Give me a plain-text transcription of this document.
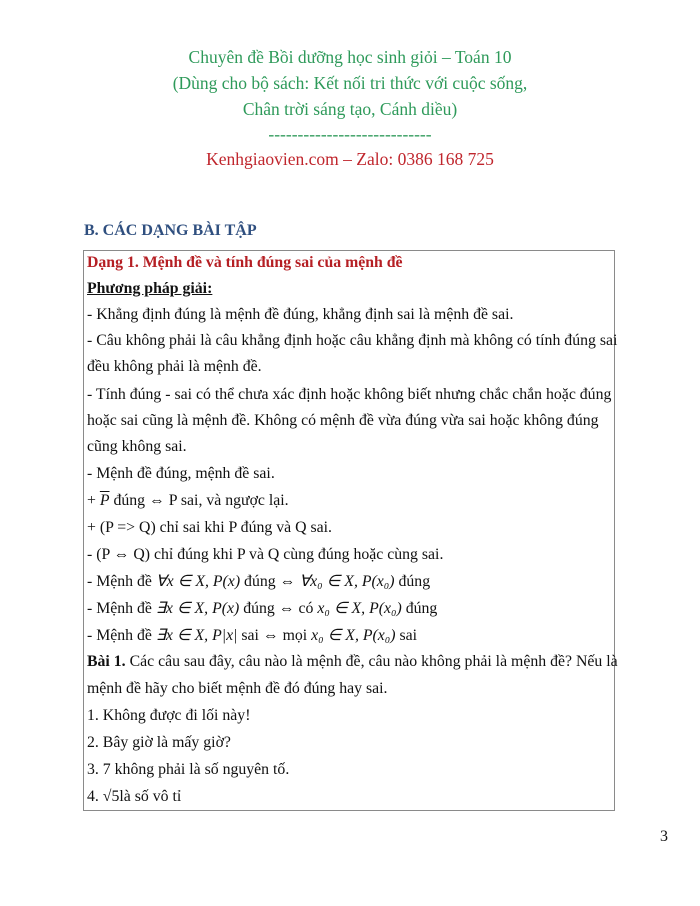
Chuyên đề Bồi dưỡng học sinh giỏi – Toán 10
(Dùng cho bộ sách: Kết nối tri thức với cuộc sống,
Chân trời sáng tạo, Cánh diều)
----------------------------
Kenhgiaovien.com – Zalo: 0386 168 725
B. CÁC DẠNG BÀI TẬP
Dạng 1. Mệnh đề và tính đúng sai của mệnh đề
Phương pháp giải:
- Khẳng định đúng là mệnh đề đúng, khẳng định sai là mệnh đề sai.
- Câu không phải là câu khẳng định hoặc câu khẳng định mà không có tính đúng sai
đều không phải là mệnh đề.
- Tính đúng - sai có thể chưa xác định hoặc không biết nhưng chắc chắn hoặc đúng
hoặc sai cũng là mệnh đề. Không có mệnh đề vừa đúng vừa sai hoặc không đúng
cũng không sai.
- Mệnh đề đúng, mệnh đề sai.
+ $\overline{P}$ đúng ⇔ P sai, và ngược lại.
+ (P => Q) chỉ sai khi P đúng và Q sai.
- (P ⇔ Q) chỉ đúng khi P và Q cùng đúng hoặc cùng sai.
- Mệnh đề ∀x ∈ X, P(x) đúng ⇔ ∀x₀ ∈ X, P(x₀) đúng
- Mệnh đề ∃x ∈ X, P(x) đúng ⇔ có x₀ ∈ X, P(x₀) đúng
- Mệnh đề ∃x ∈ X, P|x| sai ⇔ mọi x₀ ∈ X, P(x₀) sai
Bài 1. Các câu sau đây, câu nào là mệnh đề, câu nào không phải là mệnh đề? Nếu là
mệnh đề hãy cho biết mệnh đề đó đúng hay sai.
1. Không được đi lối này!
2. Bây giờ là mấy giờ?
3. 7 không phải là số nguyên tố.
4. √5là số vô tỉ
3
